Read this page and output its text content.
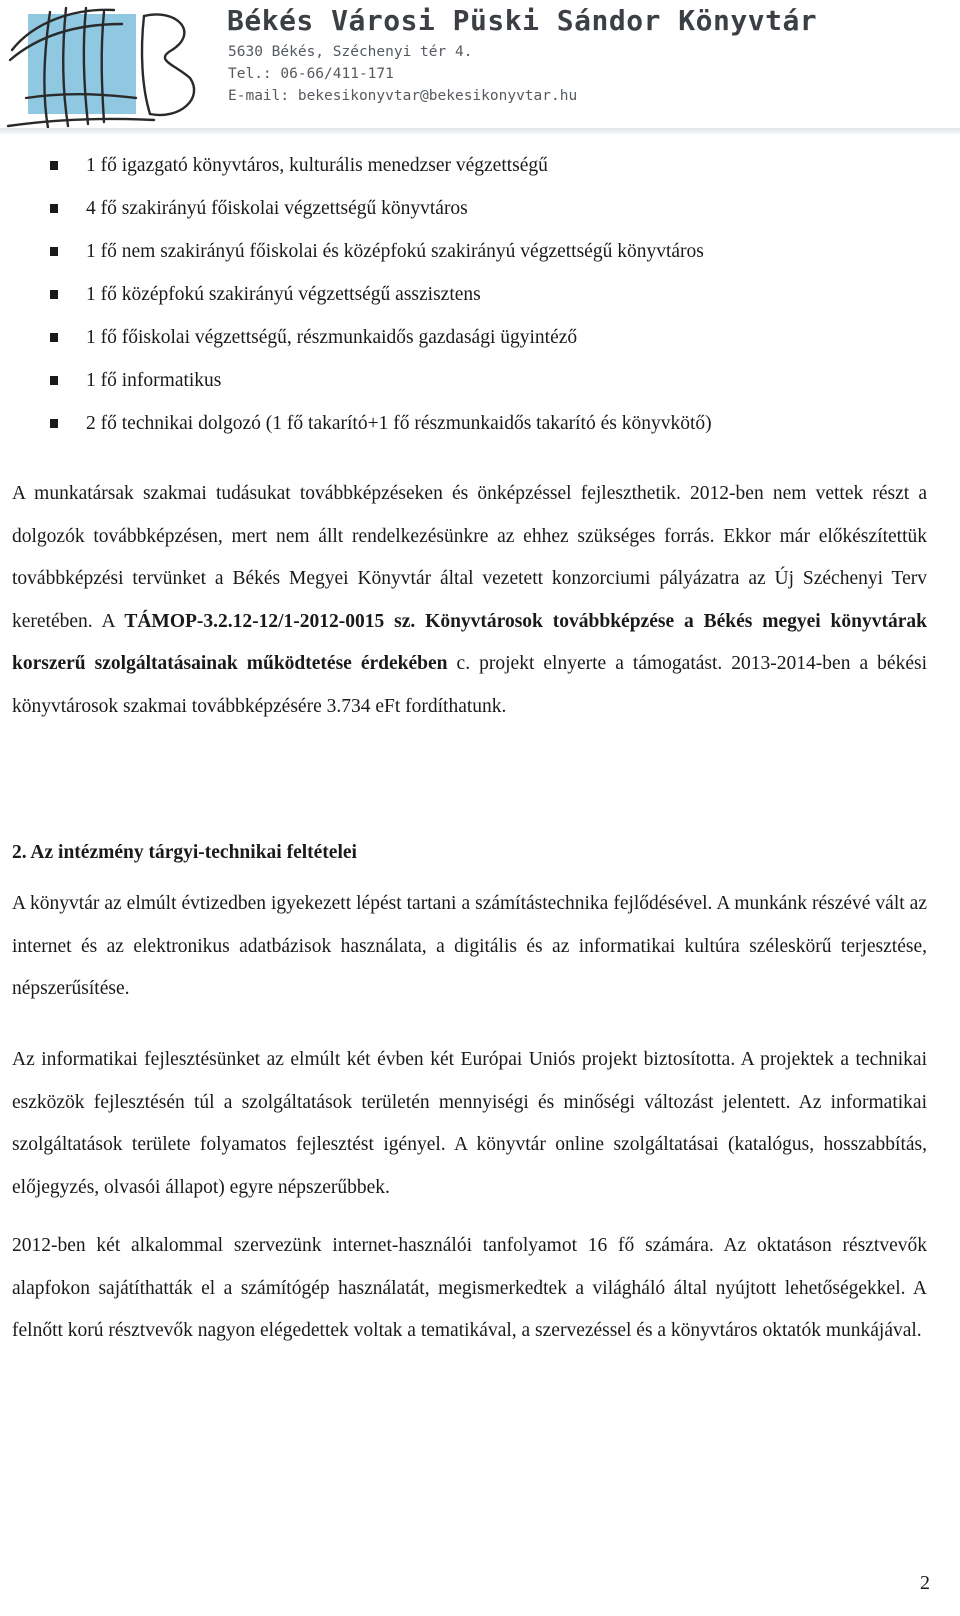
Békés Városi Püski Sándor Könyvtár
5630 Békés, Széchenyi tér 4.
Tel.: 06-66/411-171
E-mail: bekesikonyvtar@bekesikonyvtar.hu
1 fő igazgató könyvtáros, kulturális menedzser végzettségű
4 fő szakirányú főiskolai végzettségű könyvtáros
1 fő nem szakirányú főiskolai és középfokú szakirányú végzettségű könyvtáros
1 fő középfokú szakirányú végzettségű asszisztens
1 fő főiskolai végzettségű, részmunkaidős gazdasági ügyintéző
1 fő informatikus
2 fő technikai dolgozó (1 fő takarító+1 fő részmunkaidős takarító és könyvkötő)

A munkatársak szakmai tudásukat továbbképzéseken és önképzéssel fejleszthetik. 2012-ben nem vettek részt a dolgozók továbbképzésen, mert nem állt rendelkezésünkre az ehhez szükséges forrás. Ekkor már előkészítettük továbbképzési tervünket a Békés Megyei Könyvtár által vezetett konzorciumi pályázatra az Új Széchenyi Terv keretében. A TÁMOP-3.2.12-12/1-2012-0015 sz. Könyvtárosok továbbképzése a Békés megyei könyvtárak korszerű szolgáltatásainak működtetése érdekében c. projekt elnyerte a támogatást. 2013-2014-ben a békési könyvtárosok szakmai továbbképzésére 3.734 eFt fordíthatunk.

2. Az intézmény tárgyi-technikai feltételei

A könyvtár az elmúlt évtizedben igyekezett lépést tartani a számítástechnika fejlődésével. A munkánk részévé vált az internet és az elektronikus adatbázisok használata, a digitális és az informatikai kultúra széleskörű terjesztése, népszerűsítése.

Az informatikai fejlesztésünket az elmúlt két évben két Európai Uniós projekt biztosította. A projektek a technikai eszközök fejlesztésén túl a szolgáltatások területén mennyiségi és minőségi változást jelentett. Az informatikai szolgáltatások területe folyamatos fejlesztést igényel. A könyvtár online szolgáltatásai (katalógus, hosszabbítás, előjegyzés, olvasói állapot) egyre népszerűbbek.

2012-ben két alkalommal szervezünk internet-használói tanfolyamot 16 fő számára. Az oktatáson résztvevők alapfokon sajátíthatták el a számítógép használatát, megismerkedtek a világháló által nyújtott lehetőségekkel. A felnőtt korú résztvevők nagyon elégedettek voltak a tematikával, a szervezéssel és a könyvtáros oktatók munkájával.

2
